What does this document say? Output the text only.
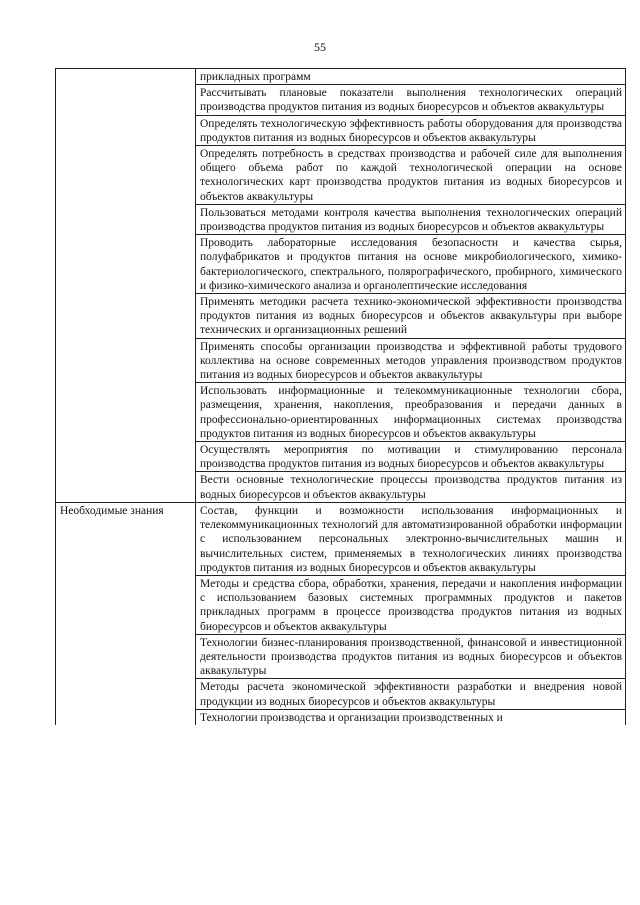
55

	прикладных программ

	Рассчитывать плановые показатели выполнения технологических операций производства продуктов питания из водных биоресурсов и объектов аквакультуры

	Определять технологическую эффективность работы оборудования для производства продуктов питания из водных биоресурсов и объектов аквакультуры

	Определять потребность в средствах производства и рабочей силе для выполнения общего объема работ по каждой технологической операции на основе технологических карт производства продуктов питания из водных биоресурсов и объектов аквакультуры

	Пользоваться методами контроля качества выполнения технологических операций производства продуктов питания из водных биоресурсов и объектов аквакультуры

	Проводить лабораторные исследования безопасности и качества сырья, полуфабрикатов и продуктов питания на основе микробиологического, химико-бактериологического, спектрального, полярографического, пробирного, химического и физико-химического анализа и органолептические исследования

	Применять методики расчета технико-экономической эффективности производства продуктов питания из водных биоресурсов и объектов аквакультуры при выборе технических и организационных решений

	Применять способы организации производства и эффективной работы трудового коллектива на основе современных методов управления производством продуктов питания из водных биоресурсов и объектов аквакультуры

	Использовать информационные и телекоммуникационные технологии сбора, размещения, хранения, накопления, преобразования и передачи данных в профессионально-ориентированных информационных системах производства продуктов питания из водных биоресурсов и объектов аквакультуры

	Осуществлять мероприятия по мотивации и стимулированию персонала производства продуктов питания из водных биоресурсов и объектов аквакультуры

	Вести основные технологические процессы производства продуктов питания из водных биоресурсов и объектов аквакультуры

Необходимые знания	Состав, функции и возможности использования информационных и телекоммуникационных технологий для автоматизированной обработки информации с использованием персональных электронно-вычислительных машин и вычислительных систем, применяемых в технологических линиях производства продуктов питания из водных биоресурсов и объектов аквакультуры

	Методы и средства сбора, обработки, хранения, передачи и накопления информации с использованием базовых системных программных продуктов и пакетов прикладных программ в процессе производства продуктов питания из водных биоресурсов и объектов аквакультуры

	Технологии бизнес-планирования производственной, финансовой и инвестиционной деятельности производства продуктов питания из водных биоресурсов и объектов аквакультуры

	Методы расчета экономической эффективности разработки и внедрения новой продукции из водных биоресурсов и объектов аквакультуры

	Технологии производства и организации производственных и
